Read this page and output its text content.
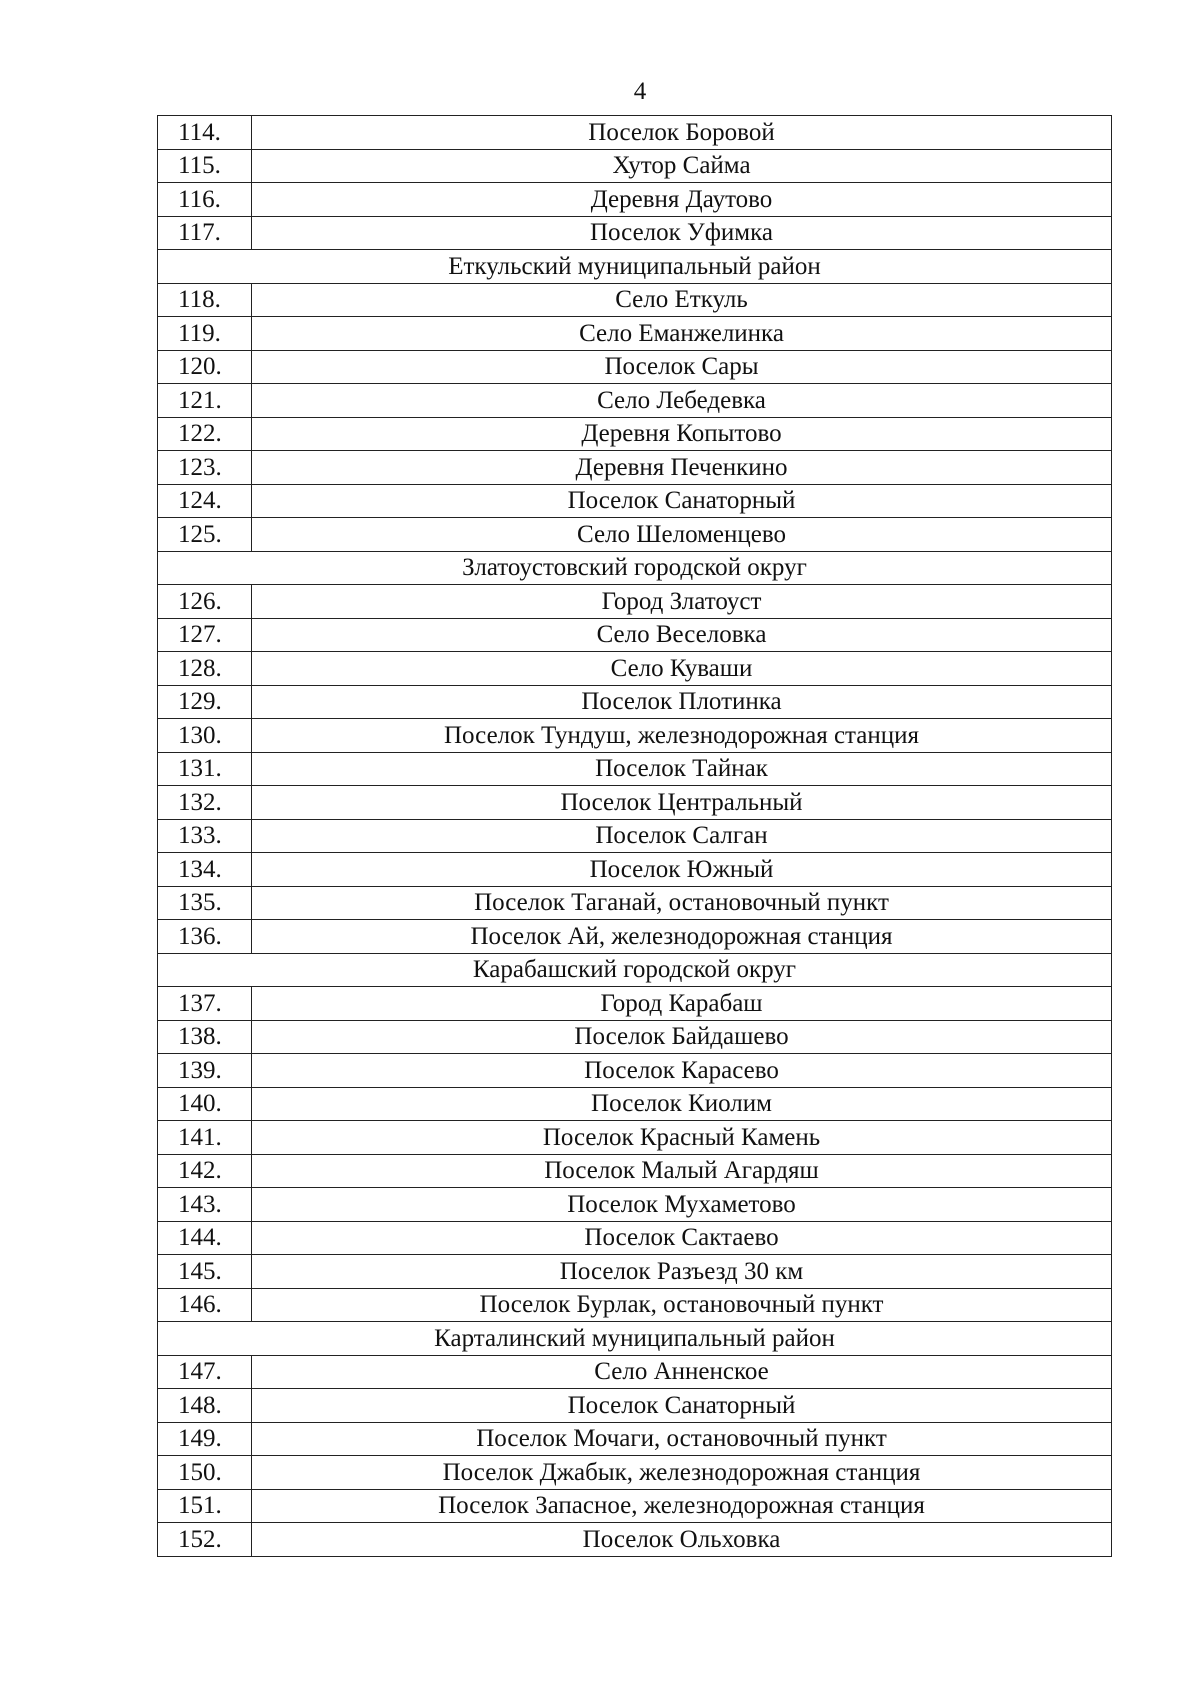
4
114.	Поселок Боровой
115.	Хутор Сайма
116.	Деревня Даутово
117.	Поселок Уфимка
Еткульский муниципальный район	
118.	Село Еткуль
119.	Село Еманжелинка
120.	Поселок Сары
121.	Село Лебедевка
122.	Деревня Копытово
123.	Деревня Печенкино
124.	Поселок Санаторный
125.	Село Шеломенцево
Златоустовский городской округ	
126.	Город Златоуст
127.	Село Веселовка
128.	Село Куваши
129.	Поселок Плотинка
130.	Поселок Тундуш, железнодорожная станция
131.	Поселок Тайнак
132.	Поселок Центральный
133.	Поселок Салган
134.	Поселок Южный
135.	Поселок Таганай, остановочный пункт
136.	Поселок Ай, железнодорожная станция
Карабашский городской округ	
137.	Город Карабаш
138.	Поселок Байдашево
139.	Поселок Карасево
140.	Поселок Киолим
141.	Поселок Красный Камень
142.	Поселок Малый Агардяш
143.	Поселок Мухаметово
144.	Поселок Сактаево
145.	Поселок Разъезд 30 км
146.	Поселок Бурлак, остановочный пункт
Карталинский муниципальный район	
147.	Село Анненское
148.	Поселок Санаторный
149.	Поселок Мочаги, остановочный пункт
150.	Поселок Джабык, железнодорожная станция
151.	Поселок Запасное, железнодорожная станция
152.	Поселок Ольховка
